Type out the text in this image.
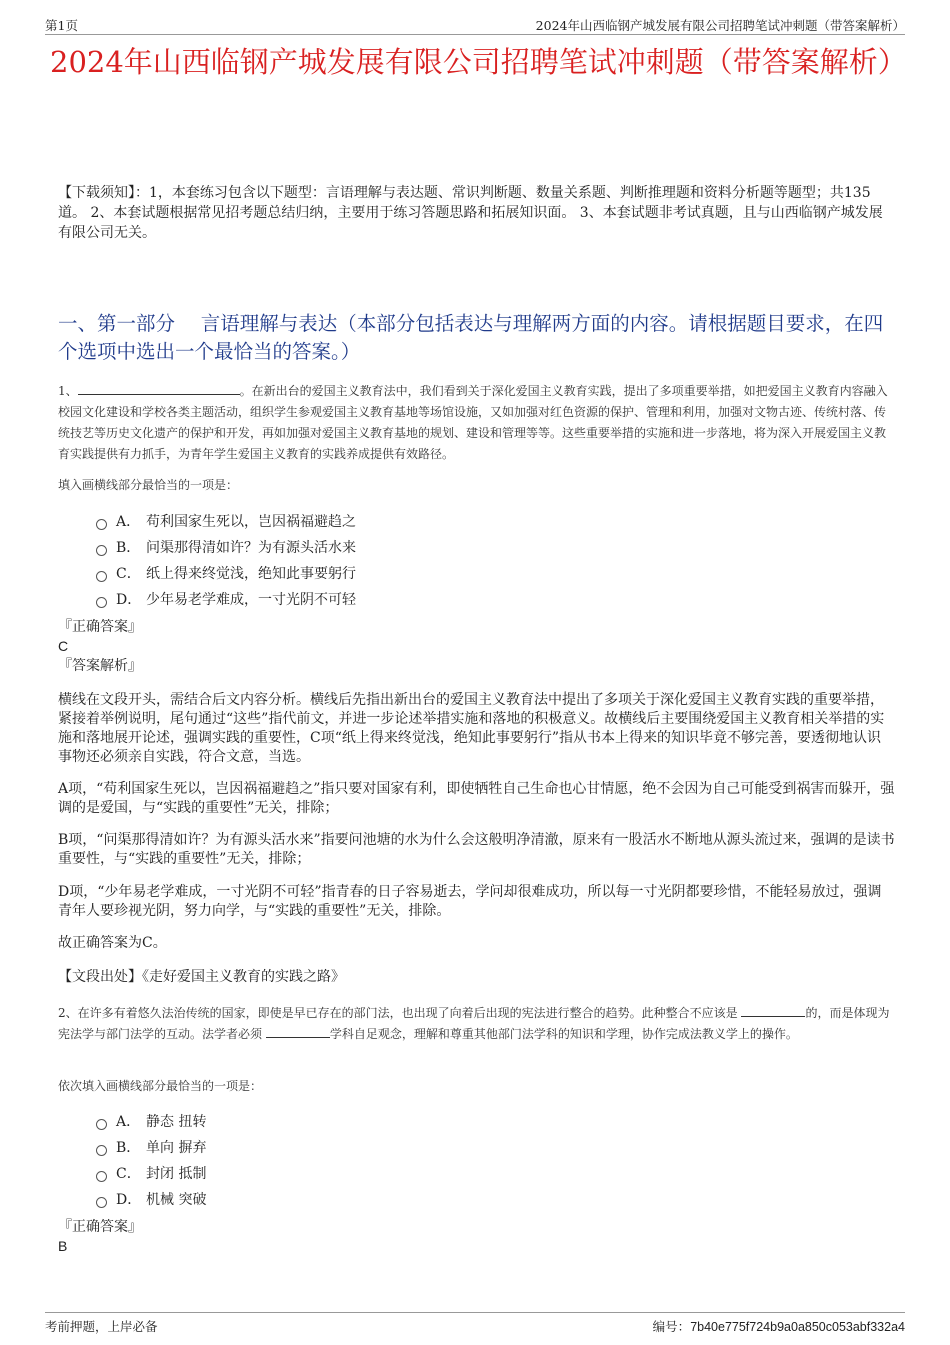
第1页	2024年山西临钢产城发展有限公司招聘笔试冲刺题（带答案解析）
2024年山西临钢产城发展有限公司招聘笔试冲刺题（带答案解析）
【下载须知】：1，本套练习包含以下题型：言语理解与表达题、常识判断题、数量关系题、判断推理题和资料分析题等题型；共135道。 2、本套试题根据常见招考题总结归纳，主要用于练习答题思路和拓展知识面。 3、本套试题非考试真题，且与山西临钢产城发展有限公司无关。
一、第一部分　 言语理解与表达（本部分包括表达与理解两方面的内容。请根据题目要求，在四个选项中选出一个最恰当的答案。）
1、	。在新出台的爱国主义教育法中，我们看到关于深化爱国主义教育实践，提出了多项重要举措，如把爱国主义教育内容融入校园文化建设和学校各类主题活动，组织学生参观爱国主义教育基地等场馆设施，又如加强对红色资源的保护、管理和利用，加强对文物古迹、传统村落、传统技艺等历史文化遗产的保护和开发，再如加强对爱国主义教育基地的规划、建设和管理等等。这些重要举措的实施和进一步落地，将为深入开展爱国主义教育实践提供有力抓手，为青年学生爱国主义教育的实践养成提供有效路径。
填入画横线部分最恰当的一项是：
A． 苟利国家生死以，岂因祸福避趋之
B． 问渠那得清如许？为有源头活水来
C． 纸上得来终觉浅，绝知此事要躬行
D． 少年易老学难成，一寸光阴不可轻
『正确答案』
C
『答案解析』
横线在文段开头，需结合后文内容分析。横线后先指出新出台的爱国主义教育法中提出了多项关于深化爱国主义教育实践的重要举措，紧接着举例说明，尾句通过“这些”指代前文，并进一步论述举措实施和落地的积极意义。故横线后主要围绕爱国主义教育相关举措的实施和落地展开论述，强调实践的重要性，C项“纸上得来终觉浅，绝知此事要躬行”指从书本上得来的知识毕竟不够完善，要透彻地认识事物还必须亲自实践，符合文意，当选。
A项，“苟利国家生死以，岂因祸福避趋之”指只要对国家有利，即使牺牲自己生命也心甘情愿，绝不会因为自己可能受到祸害而躲开，强调的是爱国，与“实践的重要性”无关，排除；
B项，“问渠那得清如许？为有源头活水来”指要问池塘的水为什么会这般明净清澈，原来有一股活水不断地从源头流过来，强调的是读书重要性，与“实践的重要性”无关，排除；
D项，“少年易老学难成，一寸光阴不可轻”指青春的日子容易逝去，学问却很难成功，所以每一寸光阴都要珍惜，不能轻易放过，强调青年人要珍视光阴，努力向学，与“实践的重要性”无关，排除。
故正确答案为C。
【文段出处】《走好爱国主义教育的实践之路》
2、在许多有着悠久法治传统的国家，即使是早已存在的部门法，也出现了向着后出现的宪法进行整合的趋势。此种整合不应该是	的，而是体现为宪法学与部门法学的互动。法学者必须	学科自足观念，理解和尊重其他部门法学科的知识和学理，协作完成法教义学上的操作。
依次填入画横线部分最恰当的一项是：
A． 静态 扭转
B． 单向 摒弃
C． 封闭 抵制
D． 机械 突破
『正确答案』
B
考前押题，上岸必备	编号：7b40e775f724b9a0a850c053abf332a4
